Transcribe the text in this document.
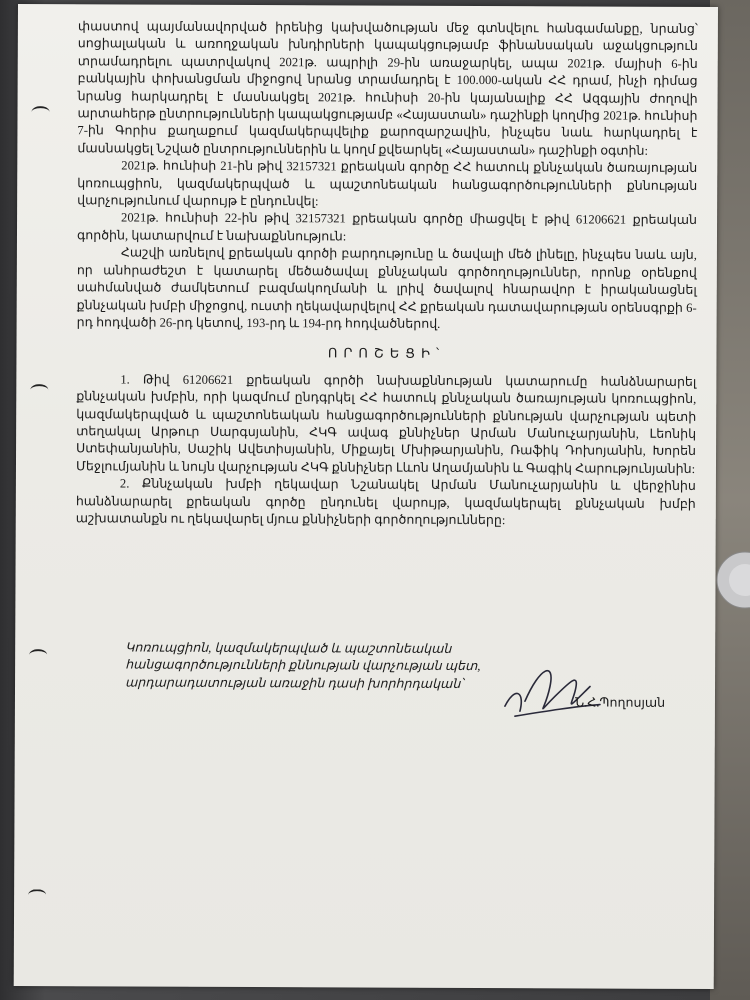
փաստով պայմանավորված իրենից կախվածության մեջ գտնվելու հանգամանքը, նրանց՝ սոցիալական և առողջական խնդիրների կապակցությամբ ֆինանսական աջակցություն տրամադրելու պատրվակով 2021թ. ապրիլի 29-ին առաջարկել, ապա 2021թ. մայիսի 6-ին բանկային փոխանցման միջոցով նրանց տրամադրել է 100.000-ական ՀՀ դրամ, ինչի դիմաց նրանց հարկադրել է մասնակցել 2021թ. հունիսի 20-ին կայանալիք ՀՀ Ազգային ժողովի արտահերթ ընտրությունների կապակցությամբ «Հայաստան» դաշինքի կողմից 2021թ. հունիսի 7-ին Գորիս քաղաքում կազմակերպվելիք քարոզարշավին, ինչպես նաև հարկադրել է մասնակցել Նշված ընտրություններին և կողմ քվեարկել «Հայաստան» դաշինքի օգտին:

2021թ. հունիսի 21-ին թիվ 32157321 քրեական գործը ՀՀ հատուկ քննչական ծառայության կոռուպցիոն, կազմակերպված և պաշտոնեական հանցագործությունների քննության վարչությունում վարույթ է ընդունվել:

2021թ. հունիսի 22-ին թիվ 32157321 քրեական գործը միացվել է թիվ 61206621 քրեական գործին, կատարվում է նախաքննություն:

Հաշվի առնելով քրեական գործի բարդությունը և ծավալի մեծ լինելը, ինչպես նաև այն, որ անհրաժեշտ է կատարել մեծածավալ քննչական գործողություններ, որոնք օրենքով սահմանված ժամկետում բազմակողմանի և լրիվ ծավալով հնարավոր է իրականացնել քննչական խմբի միջոցով, ուստի ղեկավարվելով ՀՀ քրեական դատավարության օրենսգրքի 6-րդ հոդվածի 26-րդ կետով, 193-րդ և 194-րդ հոդվածներով.

ՈՐՈՇԵՑԻ՝

1. Թիվ 61206621 քրեական գործի նախաքննության կատարումը հանձնարարել քննչական խմբին, որի կազմում ընդգրկել ՀՀ հատուկ քննչական ծառայության կոռուպցիոն, կազմակերպված և պաշտոնեական հանցագործությունների քննության վարչության պետի տեղակալ Արթուր Սարգսյանին, ՀԿԳ ավագ քննիչներ Արման Մանուչարյանին, Լեոնիկ Ստեփանյանին, Սաշիկ Ավետիսյանին, Միքայել Մխիթարյանին, Ռաֆիկ Դոխոյանին, Խորեն Մեջլումյանին և նույն վարչության ՀԿԳ քննիչներ Լևոն Աղամյանին և Գագիկ Հարությունյանին:

2. Քննչական խմբի ղեկավար Նշանակել Արման Մանուչարյանին և վերջինիս հանձնարարել քրեական գործը ընդունել վարույթ, կազմակերպել քննչական խմբի աշխատանքն ու ղեկավարել մյուս քննիչների գործողությունները:

Կոռուպցիոն, կազմակերպված և պաշտոնեական
հանցագործությունների քննության վարչության պետ,
արդարադատության առաջին դասի խորհրդական՝
Ն.Հ.Պողոսյան
